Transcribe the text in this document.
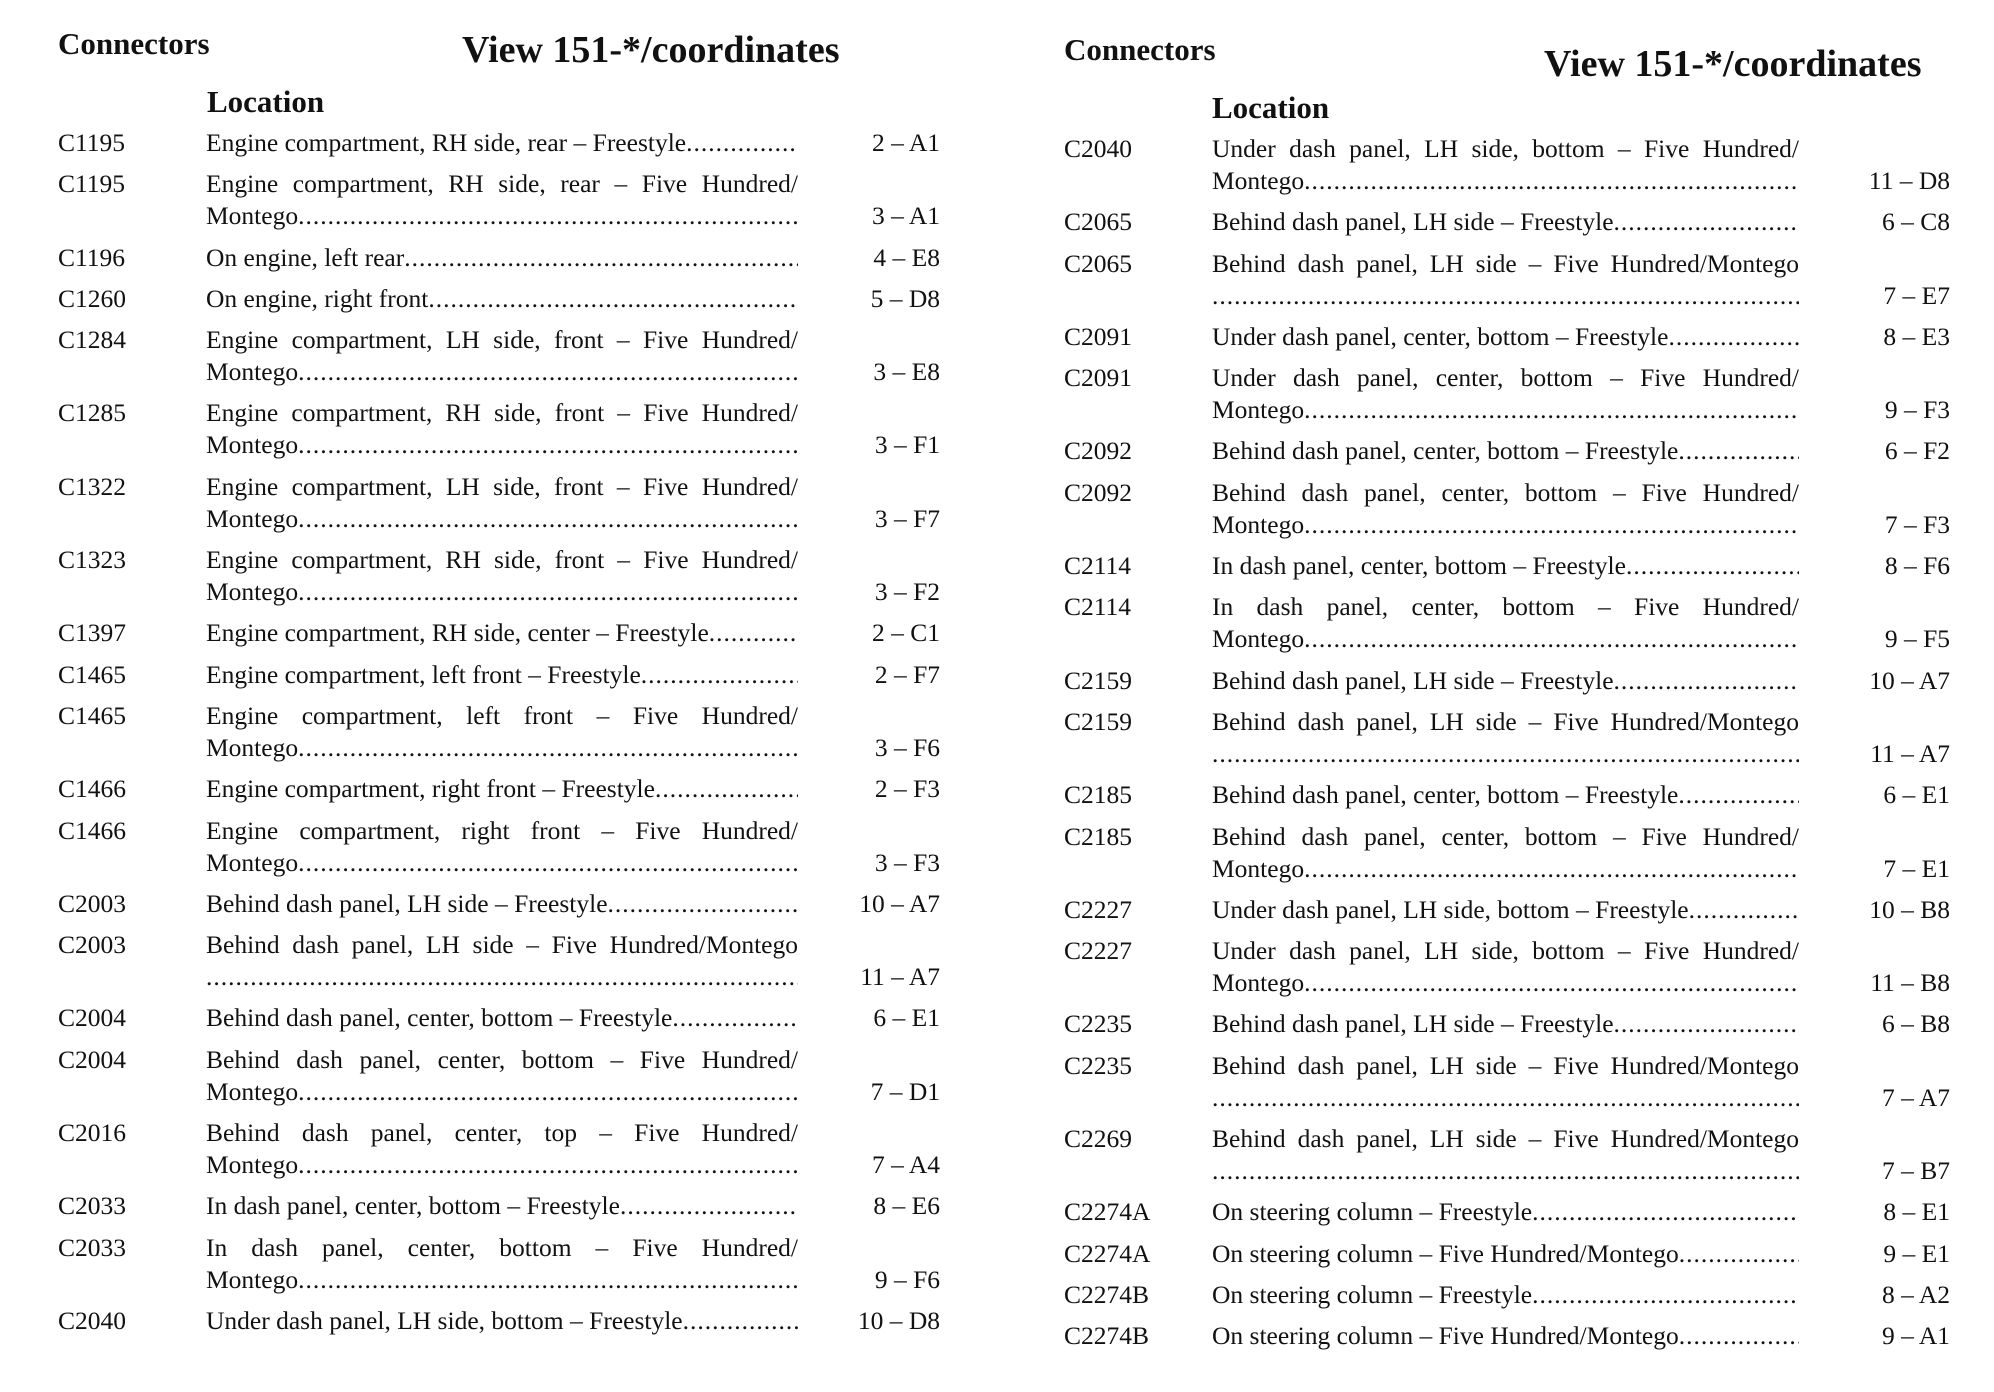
Connectors	View 151-*/coordinates
Location
C1195	Engine compartment, RH side, rear – Freestyle .....	2 – A1
C1195	Engine compartment, RH side, rear – Five Hundred/
Montego .....	3 – A1
C1196	On engine, left rear .....	4 – E8
C1260	On engine, right front .....	5 – D8
C1284	Engine compartment, LH side, front – Five Hundred/
Montego .....	3 – E8
C1285	Engine compartment, RH side, front – Five Hundred/
Montego .....	3 – F1
C1322	Engine compartment, LH side, front – Five Hundred/
Montego .....	3 – F7
C1323	Engine compartment, RH side, front – Five Hundred/
Montego .....	3 – F2
C1397	Engine compartment, RH side, center – Freestyle .....	2 – C1
C1465	Engine compartment, left front – Freestyle .....	2 – F7
C1465	Engine compartment, left front – Five Hundred/
Montego .....	3 – F6
C1466	Engine compartment, right front – Freestyle .....	2 – F3
C1466	Engine compartment, right front – Five Hundred/
Montego .....	3 – F3
C2003	Behind dash panel, LH side – Freestyle .....	10 – A7
C2003	Behind dash panel, LH side – Five Hundred/Montego
.....
11 – A7
C2004	Behind dash panel, center, bottom – Freestyle .....	6 – E1
C2004	Behind dash panel, center, bottom – Five Hundred/
Montego .....	7 – D1
C2016	Behind dash panel, center, top – Five Hundred/
Montego .....	7 – A4
C2033	In dash panel, center, bottom – Freestyle .....	8 – E6
C2033	In dash panel, center, bottom – Five Hundred/
Montego .....	9 – F6
C2040	Under dash panel, LH side, bottom – Freestyle .....	10 – D8
Connectors	View 151-*/coordinates
Location
C2040	Under dash panel, LH side, bottom – Five Hundred/
Montego .....	11 – D8
C2065	Behind dash panel, LH side – Freestyle .....	6 – C8
C2065	Behind dash panel, LH side – Five Hundred/Montego
.....
7 – E7
C2091	Under dash panel, center, bottom – Freestyle .....	8 – E3
C2091	Under dash panel, center, bottom – Five Hundred/
Montego .....	9 – F3
C2092	Behind dash panel, center, bottom – Freestyle .....	6 – F2
C2092	Behind dash panel, center, bottom – Five Hundred/
Montego .....	7 – F3
C2114	In dash panel, center, bottom – Freestyle .....	8 – F6
C2114	In dash panel, center, bottom – Five Hundred/
Montego .....	9 – F5
C2159	Behind dash panel, LH side – Freestyle .....	10 – A7
C2159	Behind dash panel, LH side – Five Hundred/Montego
.....
11 – A7
C2185	Behind dash panel, center, bottom – Freestyle .....	6 – E1
C2185	Behind dash panel, center, bottom – Five Hundred/
Montego .....	7 – E1
C2227	Under dash panel, LH side, bottom – Freestyle .....	10 – B8
C2227	Under dash panel, LH side, bottom – Five Hundred/
Montego .....	11 – B8
C2235	Behind dash panel, LH side – Freestyle .....	6 – B8
C2235	Behind dash panel, LH side – Five Hundred/Montego
.....
7 – A7
C2269	Behind dash panel, LH side – Five Hundred/Montego
.....
7 – B7
C2274A	On steering column – Freestyle .....	8 – E1
C2274A	On steering column – Five Hundred/Montego .....	9 – E1
C2274B	On steering column – Freestyle .....	8 – A2
C2274B	On steering column – Five Hundred/Montego .....	9 – A1
